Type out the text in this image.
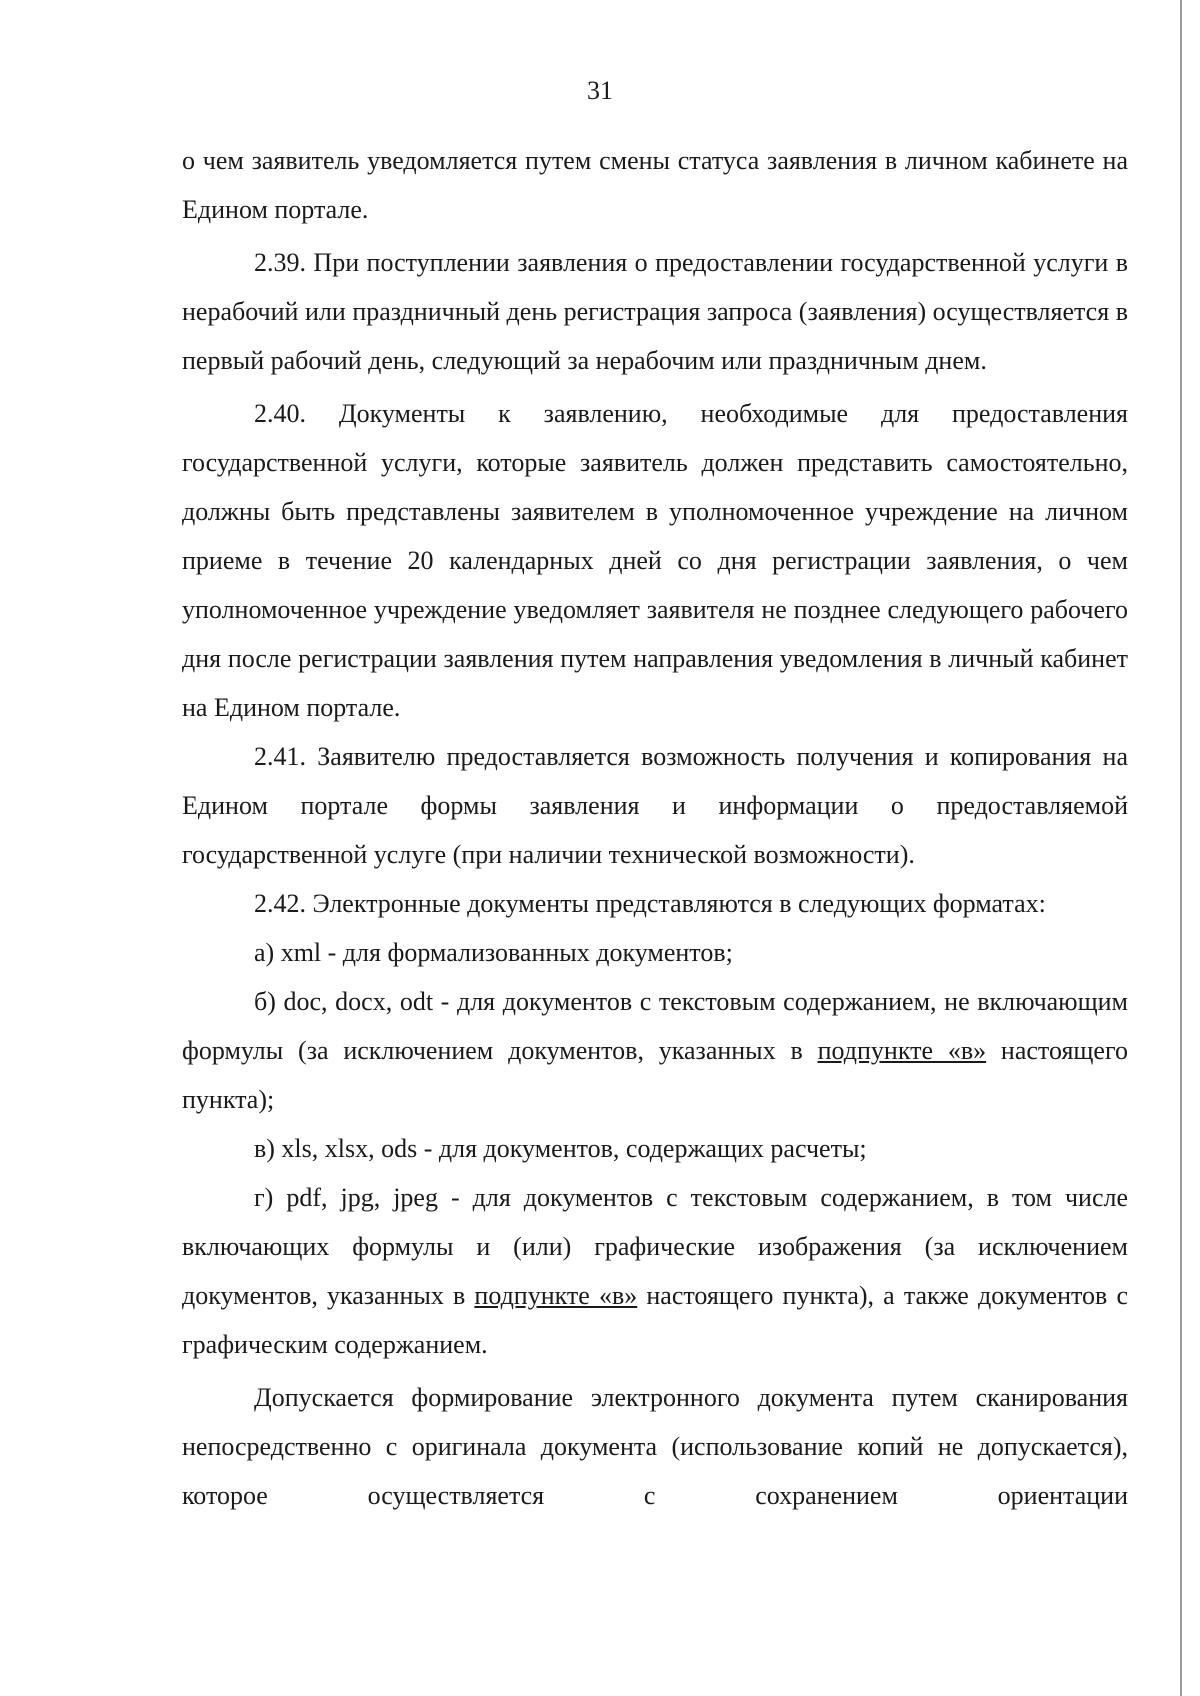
31

о чем заявитель уведомляется путем смены статуса заявления в личном кабинете на Едином портале.

2.39. При поступлении заявления о предоставлении государственной услуги в нерабочий или праздничный день регистрация запроса (заявления) осуществляется в первый рабочий день, следующий за нерабочим или праздничным днем.

2.40. Документы к заявлению, необходимые для предоставления государственной услуги, которые заявитель должен представить самостоятельно, должны быть представлены заявителем в уполномоченное учреждение на личном приеме в течение 20 календарных дней со дня регистрации заявления, о чем уполномоченное учреждение уведомляет заявителя не позднее следующего рабочего дня после регистрации заявления путем направления уведомления в личный кабинет на Едином портале.

2.41. Заявителю предоставляется возможность получения и копирования на Едином портале формы заявления и информации о предоставляемой государственной услуге (при наличии технической возможности).

2.42. Электронные документы представляются в следующих форматах:

а) xml - для формализованных документов;

б) doc, docx, odt - для документов с текстовым содержанием, не включающим формулы (за исключением документов, указанных в подпункте «в» настоящего пункта);

в) xls, xlsx, ods - для документов, содержащих расчеты;

г) pdf, jpg, jpeg - для документов с текстовым содержанием, в том числе включающих формулы и (или) графические изображения (за исключением документов, указанных в подпункте «в» настоящего пункта), а также документов с графическим содержанием.

Допускается формирование электронного документа путем сканирования непосредственно с оригинала документа (использование копий не допускается), которое осуществляется с сохранением ориентации
